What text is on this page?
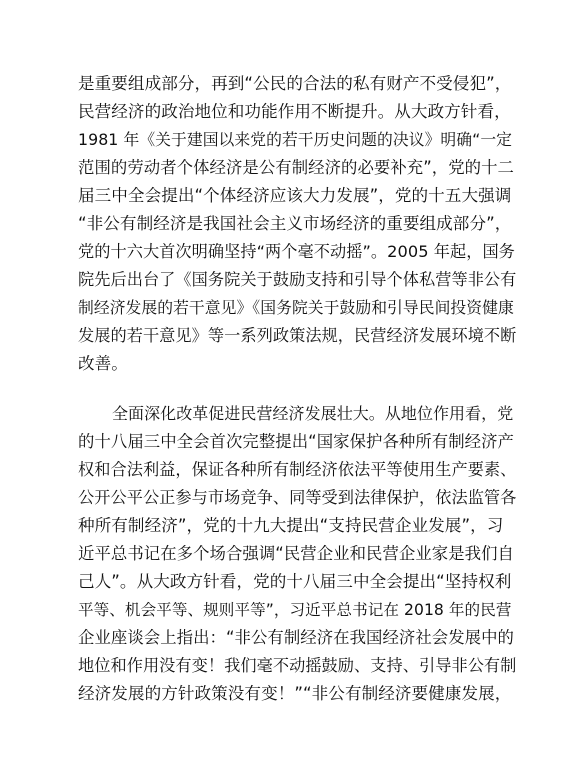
是重要组成部分，再到“公民的合法的私有财产不受侵犯”，
民营经济的政治地位和功能作用不断提升。从大政方针看，
1981 年《关于建国以来党的若干历史问题的决议》明确“一定
范围的劳动者个体经济是公有制经济的必要补充”，党的十二
届三中全会提出“个体经济应该大力发展”，党的十五大强调
“非公有制经济是我国社会主义市场经济的重要组成部分”，
党的十六大首次明确坚持“两个毫不动摇”。2005 年起，国务
院先后出台了《国务院关于鼓励支持和引导个体私营等非公有
制经济发展的若干意见》《国务院关于鼓励和引导民间投资健康
发展的若干意见》等一系列政策法规，民营经济发展环境不断
改善。
全面深化改革促进民营经济发展壮大。从地位作用看，党
的十八届三中全会首次完整提出“国家保护各种所有制经济产
权和合法利益，保证各种所有制经济依法平等使用生产要素、
公开公平公正参与市场竞争、同等受到法律保护，依法监管各
种所有制经济”，党的十九大提出“支持民营企业发展”，习
近平总书记在多个场合强调“民营企业和民营企业家是我们自
己人”。从大政方针看，党的十八届三中全会提出“坚持权利
平等、机会平等、规则平等”，习近平总书记在 2018 年的民营
企业座谈会上指出：“非公有制经济在我国经济社会发展中的
地位和作用没有变！我们毫不动摇鼓励、支持、引导非公有制
经济发展的方针政策没有变！”“非公有制经济要健康发展，
